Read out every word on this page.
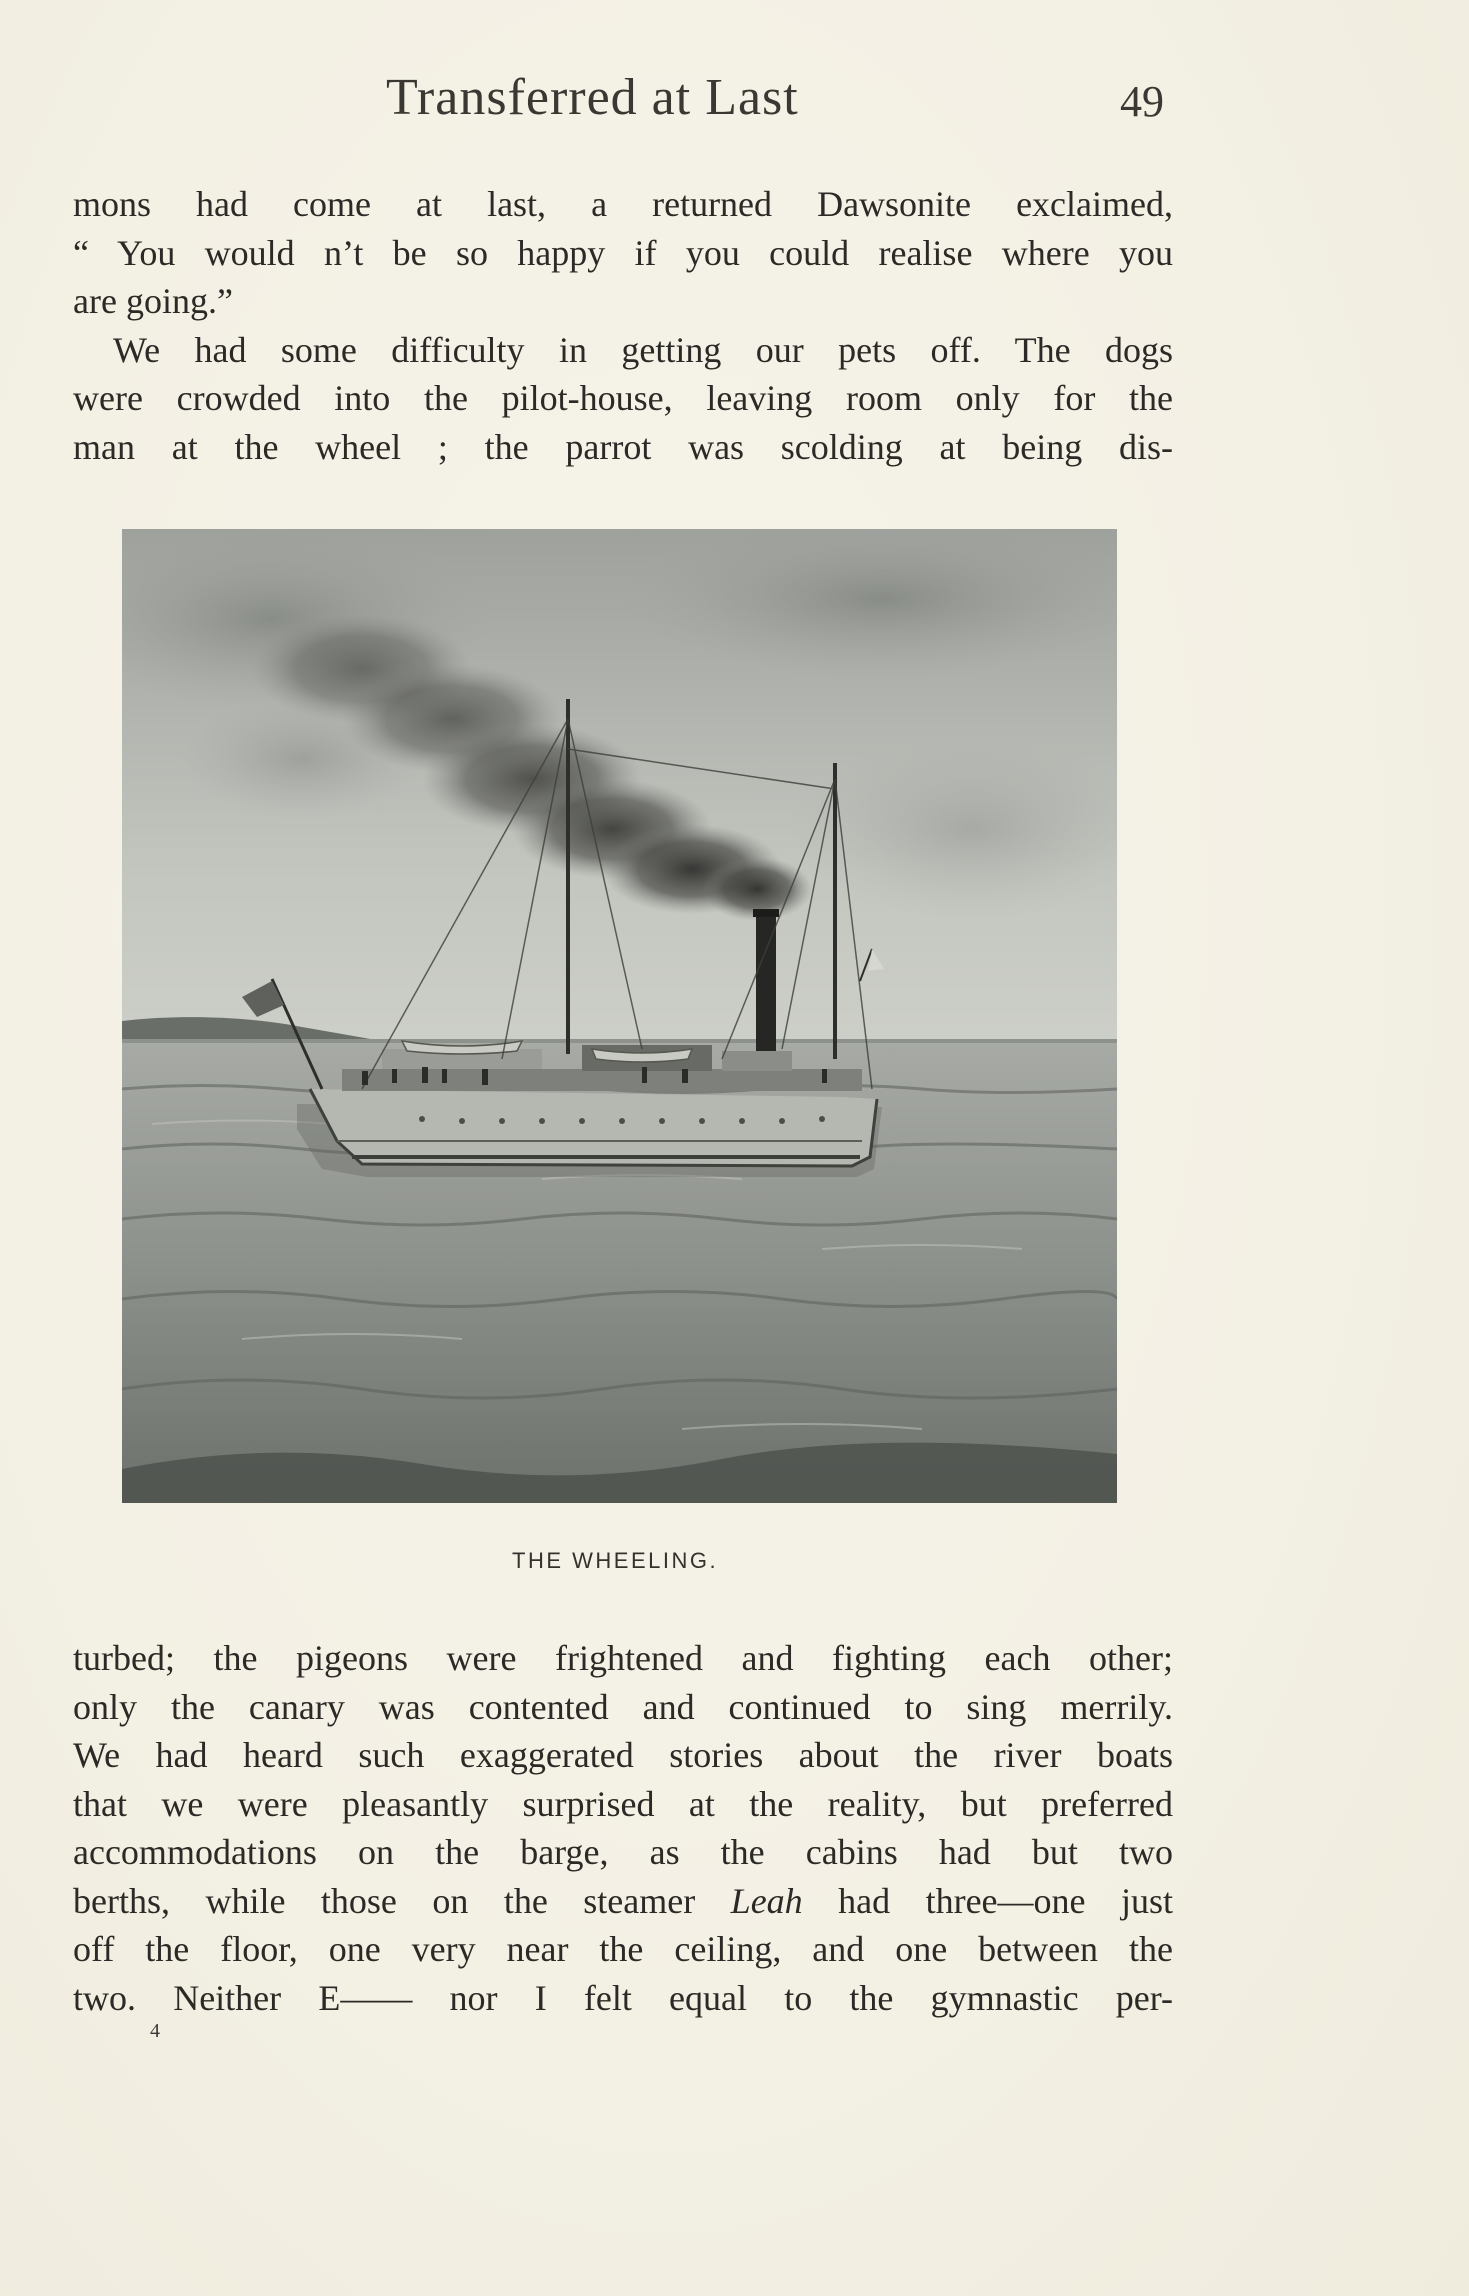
Transferred at Last	49
mons had come at last, a returned Dawsonite exclaimed,
“ You would n’t be so happy if you could realise where you
are going.”
We had some difficulty in getting our pets off. The dogs
were crowded into the pilot-house, leaving room only for the
man at the wheel ; the parrot was scolding at being dis-
THE WHEELING.
turbed; the pigeons were frightened and fighting each other;
only the canary was contented and continued to sing merrily.
We had heard such exaggerated stories about the river boats
that we were pleasantly surprised at the reality, but preferred
accommodations on the barge, as the cabins had but two
berths, while those on the steamer Leah had three—one just
off the floor, one very near the ceiling, and one between the
two. Neither E—— nor I felt equal to the gymnastic per-
4
